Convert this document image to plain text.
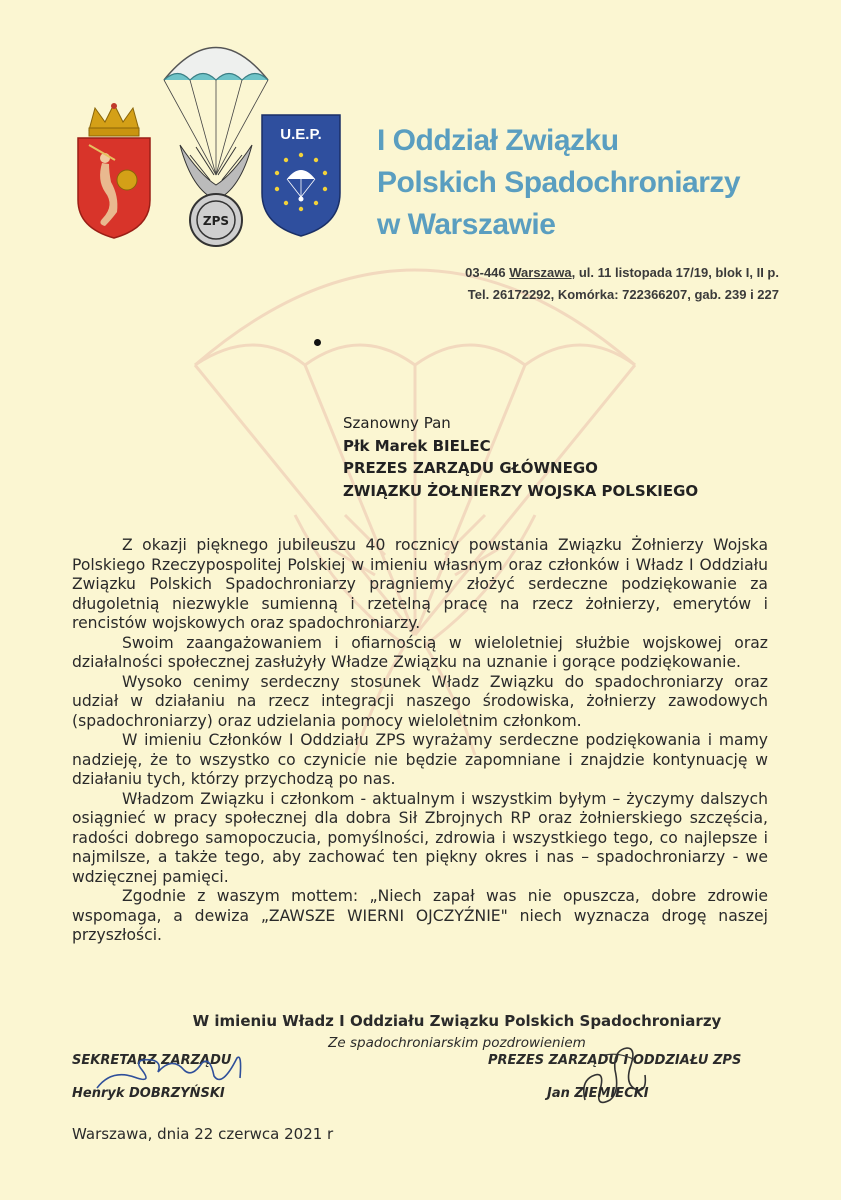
ZPS
U.E.P. I Oddział Związku
Polskich Spadochroniarzy
w Warszawie
03-446 Warszawa, ul. 11 listopada 17/19, blok I, II p.
Tel. 26172292, Komórka: 722366207, gab. 239 i 227
Szanowny Pan
Płk Marek BIELEC
PREZES ZARZĄDU GŁÓWNEGO
ZWIĄZKU ŻOŁNIERZY WOJSKA POLSKIEGO

Z okazji pięknego jubileuszu 40 rocznicy powstania Związku Żołnierzy Wojska Polskiego Rzeczypospolitej Polskiej w imieniu własnym oraz członków i Władz I Oddziału Związku Polskich Spadochroniarzy pragniemy złożyć serdeczne podziękowanie za długoletnią niezwykle sumienną i rzetelną pracę na rzecz żołnierzy, emerytów i rencistów wojskowych oraz spadochroniarzy.

Swoim zaangażowaniem i ofiarnością w wieloletniej służbie wojskowej oraz działalności społecznej zasłużyły Władze Związku na uznanie i gorące podziękowanie.

Wysoko cenimy serdeczny stosunek Władz Związku do spadochroniarzy oraz udział w działaniu na rzecz integracji naszego środowiska, żołnierzy zawodowych (spadochroniarzy) oraz udzielania pomocy wieloletnim członkom.

W imieniu Członków I Oddziału ZPS wyrażamy serdeczne podziękowania i mamy nadzieję, że to wszystko co czynicie nie będzie zapomniane i znajdzie kontynuację w działaniu tych, którzy przychodzą po nas.

Władzom Związku i członkom - aktualnym i wszystkim byłym – życzymy dalszych osiągnieć w pracy społecznej dla dobra Sił Zbrojnych RP oraz żołnierskiego szczęścia, radości dobrego samopoczucia, pomyślności, zdrowia i wszystkiego tego, co najlepsze i najmilsze, a także tego, aby zachować ten piękny okres i nas – spadochroniarzy - we wdzięcznej pamięci.

Zgodnie z waszym mottem: „Niech zapał was nie opuszcza, dobre zdrowie wspomaga, a dewiza „ZAWSZE WIERNI OJCZYŹNIE" niech wyznacza drogę naszej przyszłości.

W imieniu Władz I Oddziału Związku Polskich Spadochroniarzy
Ze spadochroniarskim pozdrowieniem
SEKRETARZ ZARZĄDU
Henryk DOBRZYŃSKI
PREZES ZARZĄDU I ODDZIAŁU ZPS
Jan ZIEMIECKI
Warszawa, dnia 22 czerwca 2021 r
